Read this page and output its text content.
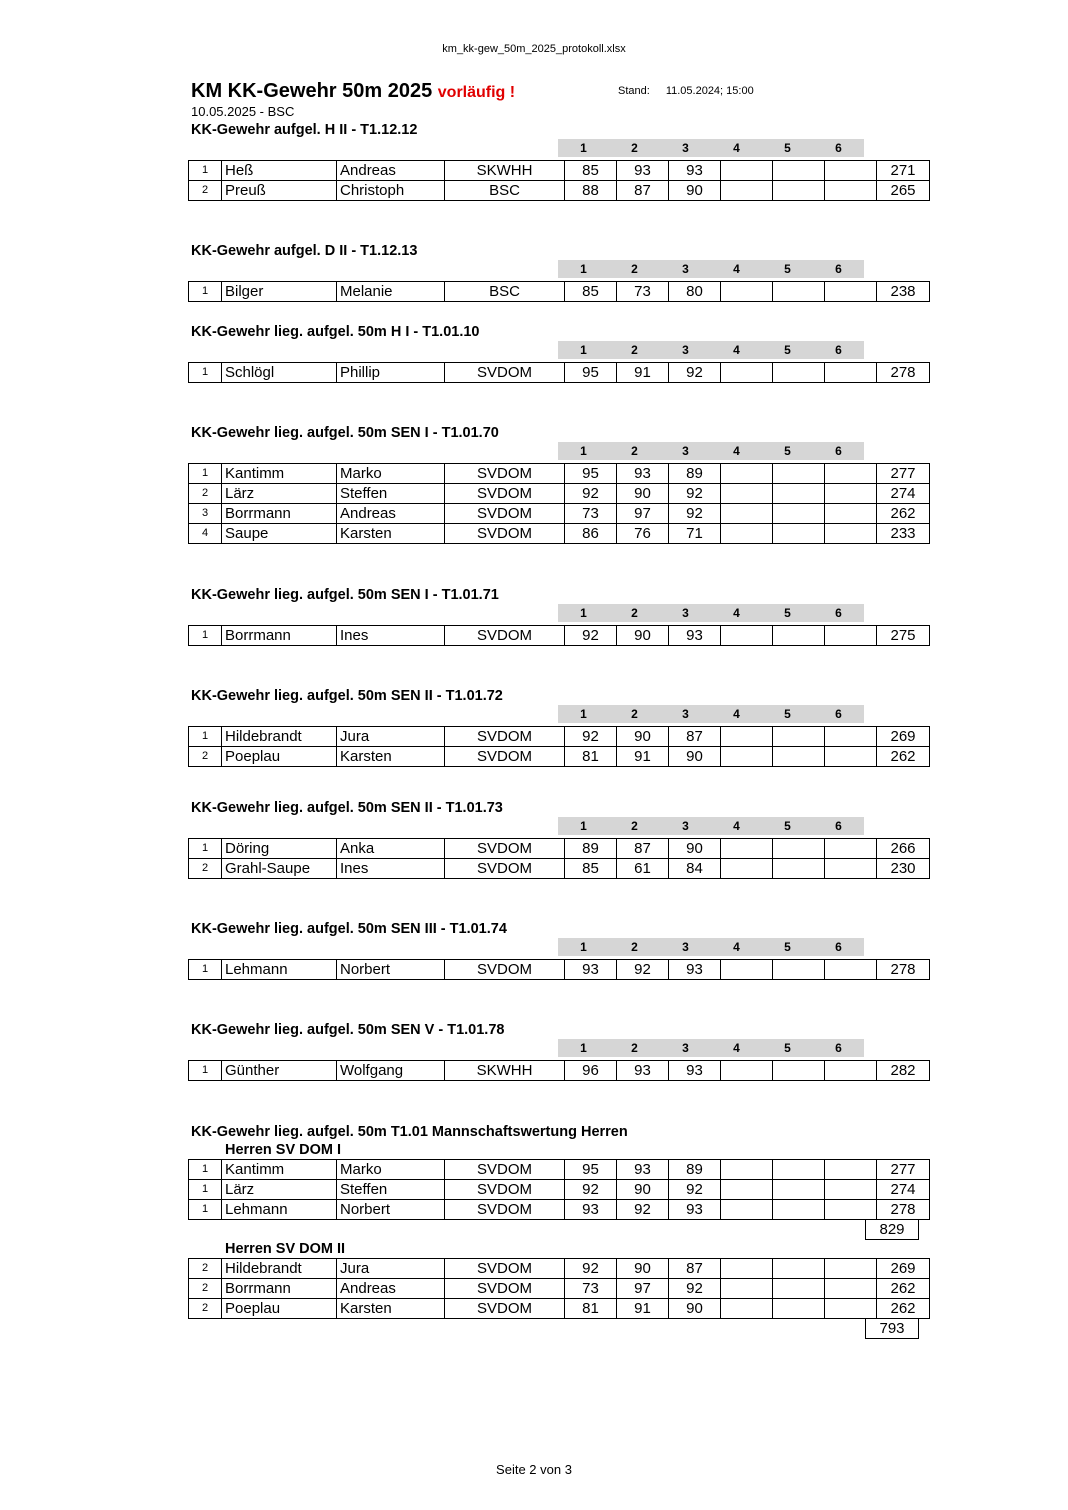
km_kk-gew_50m_2025_protokoll.xlsx
KM KK-Gewehr 50m 2025 vorläufig !	Stand: 11.05.2024; 15:00
10.05.2025 - BSC
KK-Gewehr aufgel. H II - T1.12.12
1	2	3	4	5	6
1	Heß	Andreas	SKWHH	85	93	93				271
2	Preuß	Christoph	BSC	88	87	90				265
KK-Gewehr aufgel. D II - T1.12.13
1	2	3	4	5	6
1	Bilger	Melanie	BSC	85	73	80				238
KK-Gewehr lieg. aufgel. 50m H I - T1.01.10
1	2	3	4	5	6
1	Schlögl	Phillip	SVDOM	95	91	92				278
KK-Gewehr lieg. aufgel. 50m SEN I - T1.01.70
1	2	3	4	5	6
1	Kantimm	Marko	SVDOM	95	93	89				277
2	Lärz	Steffen	SVDOM	92	90	92				274
3	Borrmann	Andreas	SVDOM	73	97	92				262
4	Saupe	Karsten	SVDOM	86	76	71				233
KK-Gewehr lieg. aufgel. 50m SEN I - T1.01.71
1	2	3	4	5	6
1	Borrmann	Ines	SVDOM	92	90	93				275
KK-Gewehr lieg. aufgel. 50m SEN II - T1.01.72
1	2	3	4	5	6
1	Hildebrandt	Jura	SVDOM	92	90	87				269
2	Poeplau	Karsten	SVDOM	81	91	90				262
KK-Gewehr lieg. aufgel. 50m SEN II - T1.01.73
1	2	3	4	5	6
1	Döring	Anka	SVDOM	89	87	90				266
2	Grahl-Saupe	Ines	SVDOM	85	61	84				230
KK-Gewehr lieg. aufgel. 50m SEN III - T1.01.74
1	2	3	4	5	6
1	Lehmann	Norbert	SVDOM	93	92	93				278
KK-Gewehr lieg. aufgel. 50m SEN V - T1.01.78
1	2	3	4	5	6
1	Günther	Wolfgang	SKWHH	96	93	93				282
KK-Gewehr lieg. aufgel. 50m T1.01 Mannschaftswertung Herren
Herren SV DOM I
1	Kantimm	Marko	SVDOM	95	93	89				277
1	Lärz	Steffen	SVDOM	92	90	92				274
1	Lehmann	Norbert	SVDOM	93	92	93				278
829
Herren SV DOM II
2	Hildebrandt	Jura	SVDOM	92	90	87				269
2	Borrmann	Andreas	SVDOM	73	97	92				262
2	Poeplau	Karsten	SVDOM	81	91	90				262
793
Seite 2 von 3
